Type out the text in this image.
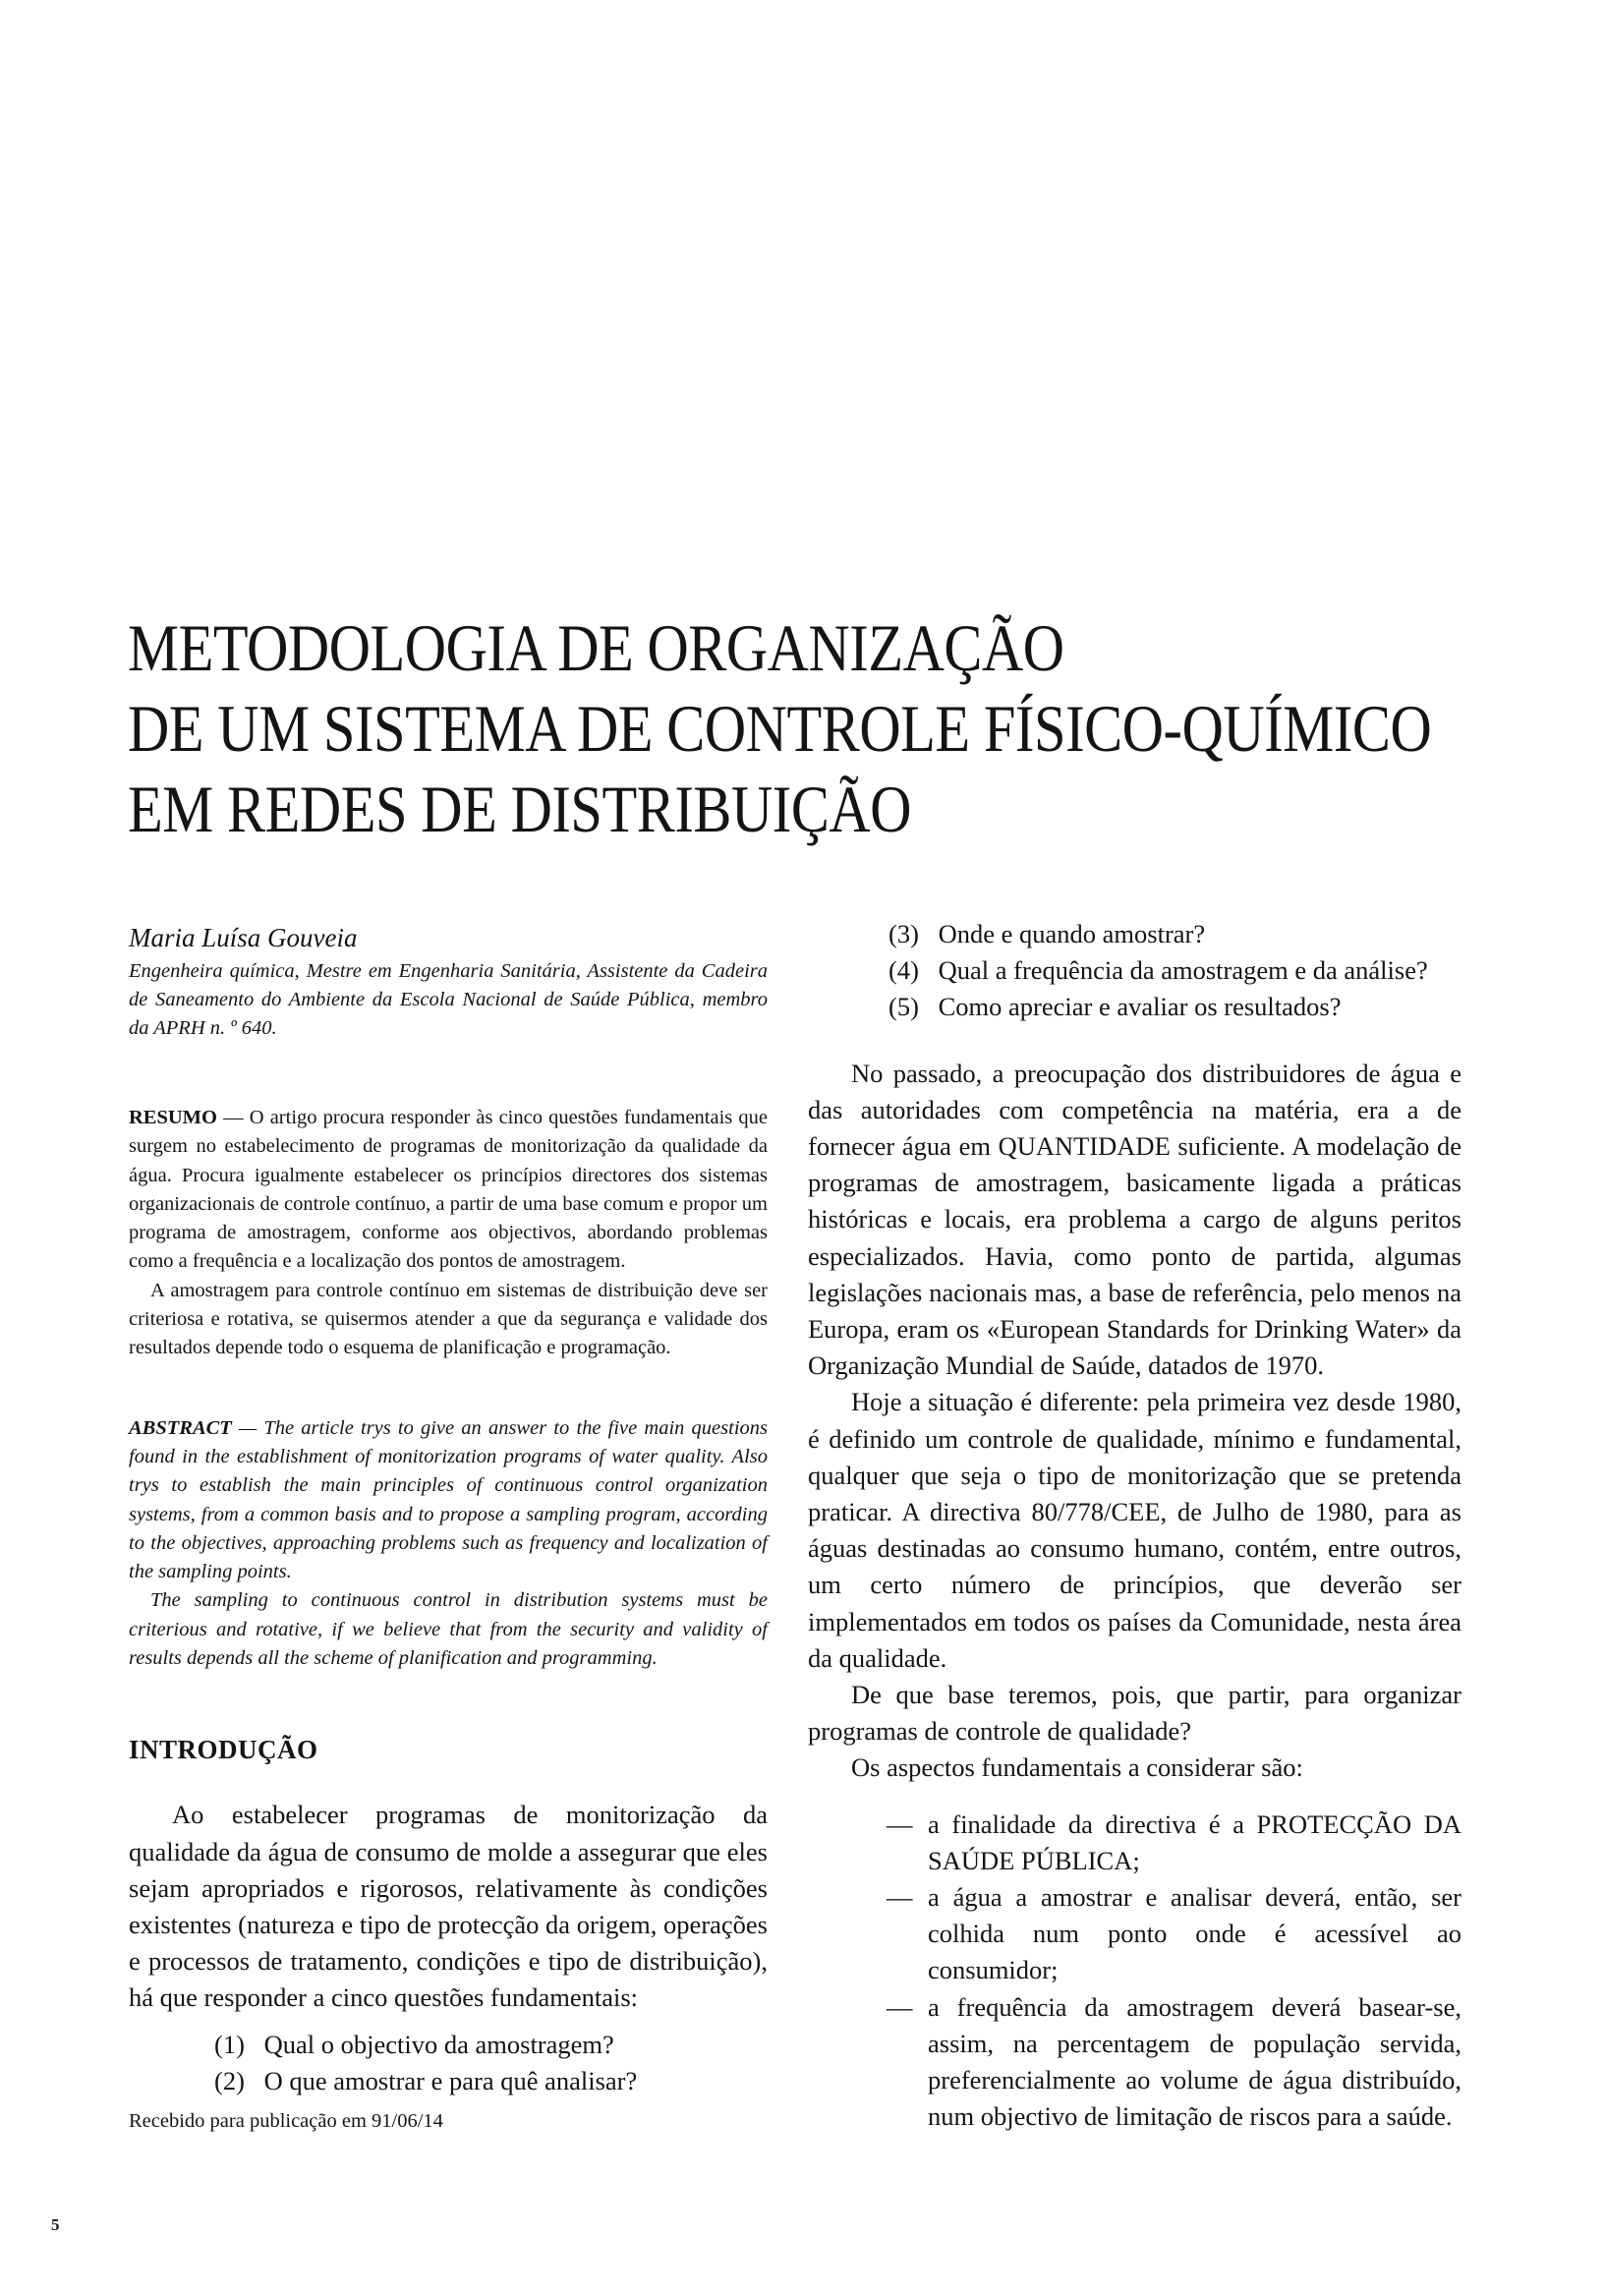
METODOLOGIA DE ORGANIZAÇÃO
DE UM SISTEMA DE CONTROLE FÍSICO-QUÍMICO
EM REDES DE DISTRIBUIÇÃO

Maria Luísa Gouveia

Engenheira química, Mestre em Engenharia Sanitária, Assistente da Cadeira de Saneamento do Ambiente da Escola Nacional de Saúde Pública, membro da APRH n. º 640.

RESUMO — O artigo procura responder às cinco questões fundamentais que surgem no estabelecimento de programas de monitorização da qualidade da água. Procura igualmente estabelecer os princípios directores dos sistemas organizacionais de controle contínuo, a partir de uma base comum e propor um programa de amostragem, conforme aos objectivos, abordando problemas como a frequência e a localização dos pontos de amostragem.

A amostragem para controle contínuo em sistemas de distribuição deve ser criteriosa e rotativa, se quisermos atender a que da segurança e validade dos resultados depende todo o esquema de planificação e programação.

ABSTRACT — The article trys to give an answer to the five main questions found in the establishment of monitorization programs of water quality. Also trys to establish the main principles of continuous control organization systems, from a common basis and to propose a sampling program, according to the objectives, approaching problems such as frequency and localization of the sampling points.

The sampling to continuous control in distribution systems must be criterious and rotative, if we believe that from the security and validity of results depends all the scheme of planification and programming.

INTRODUÇÃO

Ao estabelecer programas de monitorização da qualidade da água de consumo de molde a assegurar que eles sejam apropriados e rigorosos, relativamente às condições existentes (natureza e tipo de protecção da origem, operações e processos de tratamento, condições e tipo de distribuição), há que responder a cinco questões fundamentais:

(1)
Qual o objectivo da amostragem?
(2)
O que amostrar e para quê analisar?
Recebido para publicação em 91/06/14
(3)
Onde e quando amostrar?
(4)
Qual a frequência da amostragem e da análise?
(5)
Como apreciar e avaliar os resultados?

No passado, a preocupação dos distribuidores de água e das autoridades com competência na matéria, era a de fornecer água em QUANTIDADE suficiente. A modelação de programas de amostragem, basicamente ligada a práticas históricas e locais, era problema a cargo de alguns peritos especializados. Havia, como ponto de partida, algumas legislações nacionais mas, a base de referência, pelo menos na Europa, eram os «European Standards for Drinking Water» da Organização Mundial de Saúde, datados de 1970.

Hoje a situação é diferente: pela primeira vez desde 1980, é definido um controle de qualidade, mínimo e fundamental, qualquer que seja o tipo de monitorização que se pretenda praticar. A directiva 80/778/CEE, de Julho de 1980, para as águas destinadas ao consumo humano, contém, entre outros, um certo número de princípios, que deverão ser implementados em todos os países da Comunidade, nesta área da qualidade.

De que base teremos, pois, que partir, para organizar programas de controle de qualidade?

Os aspectos fundamentais a considerar são:

— a finalidade da directiva é a PROTECÇÃO DA SAÚDE PÚBLICA;
— a água a amostrar e analisar deverá, então, ser colhida num ponto onde é acessível ao consumidor;
— a frequência da amostragem deverá basear-se, assim, na percentagem de população servida, preferencialmente ao volume de água distribuído, num objectivo de limitação de riscos para a saúde.
5
